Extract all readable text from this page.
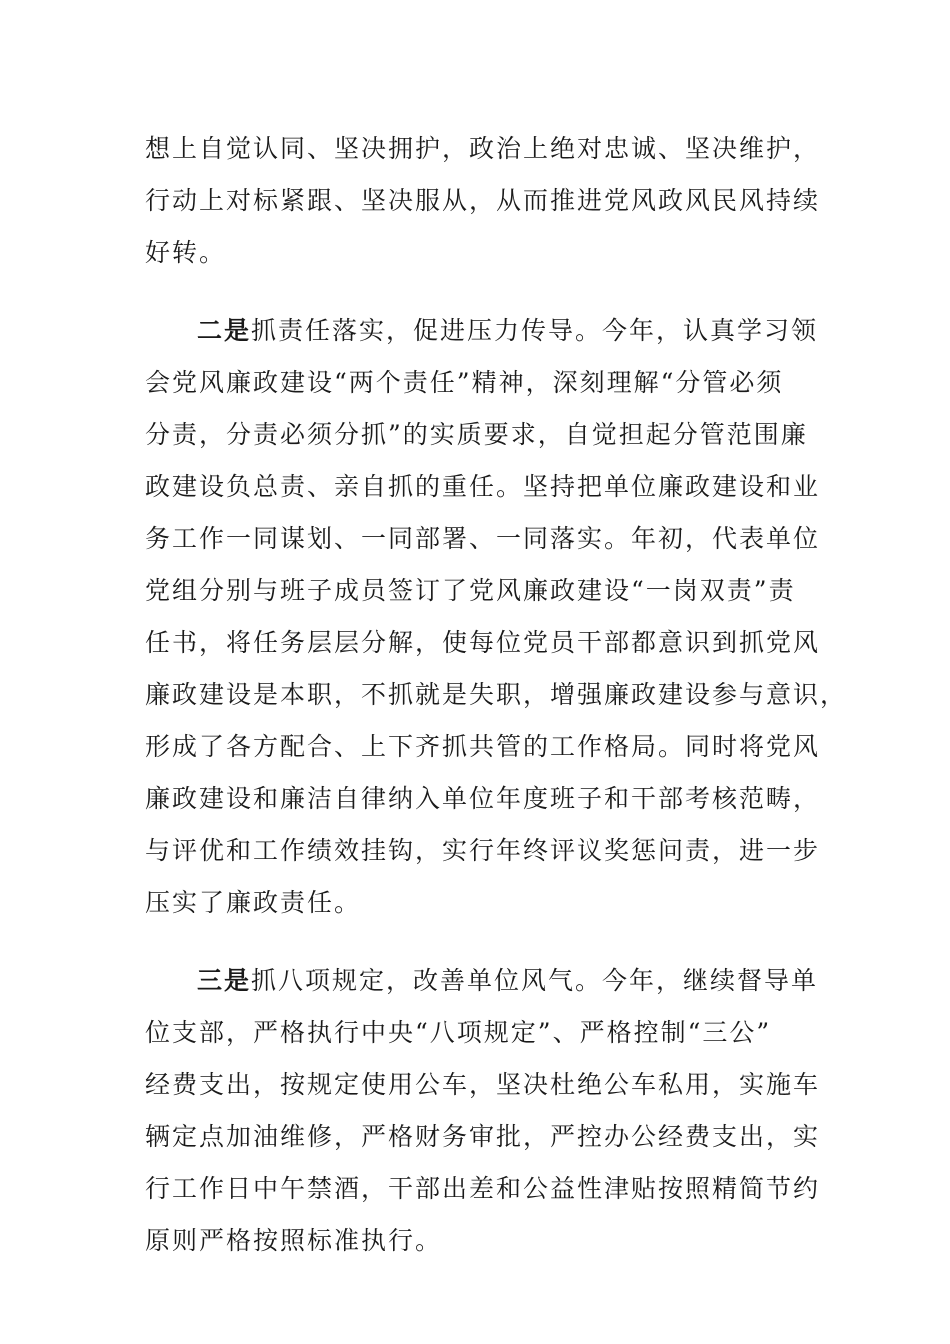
想上自觉认同、坚决拥护，政治上绝对忠诚、坚决维护，
行动上对标紧跟、坚决服从，从而推进党风政风民风持续
好转。
二是抓责任落实，促进压力传导。今年，认真学习领
会党风廉政建设“两个责任”精神，深刻理解“分管必须
分责，分责必须分抓”的实质要求，自觉担起分管范围廉
政建设负总责、亲自抓的重任。坚持把单位廉政建设和业
务工作一同谋划、一同部署、一同落实。年初，代表单位
党组分别与班子成员签订了党风廉政建设“一岗双责”责
任书，将任务层层分解，使每位党员干部都意识到抓党风
廉政建设是本职，不抓就是失职，增强廉政建设参与意识，
形成了各方配合、上下齐抓共管的工作格局。同时将党风
廉政建设和廉洁自律纳入单位年度班子和干部考核范畴，
与评优和工作绩效挂钩，实行年终评议奖惩问责，进一步
压实了廉政责任。
三是抓八项规定，改善单位风气。今年，继续督导单
位支部，严格执行中央“八项规定”、严格控制“三公”
经费支出，按规定使用公车，坚决杜绝公车私用，实施车
辆定点加油维修，严格财务审批，严控办公经费支出，实
行工作日中午禁酒，干部出差和公益性津贴按照精简节约
原则严格按照标准执行。
